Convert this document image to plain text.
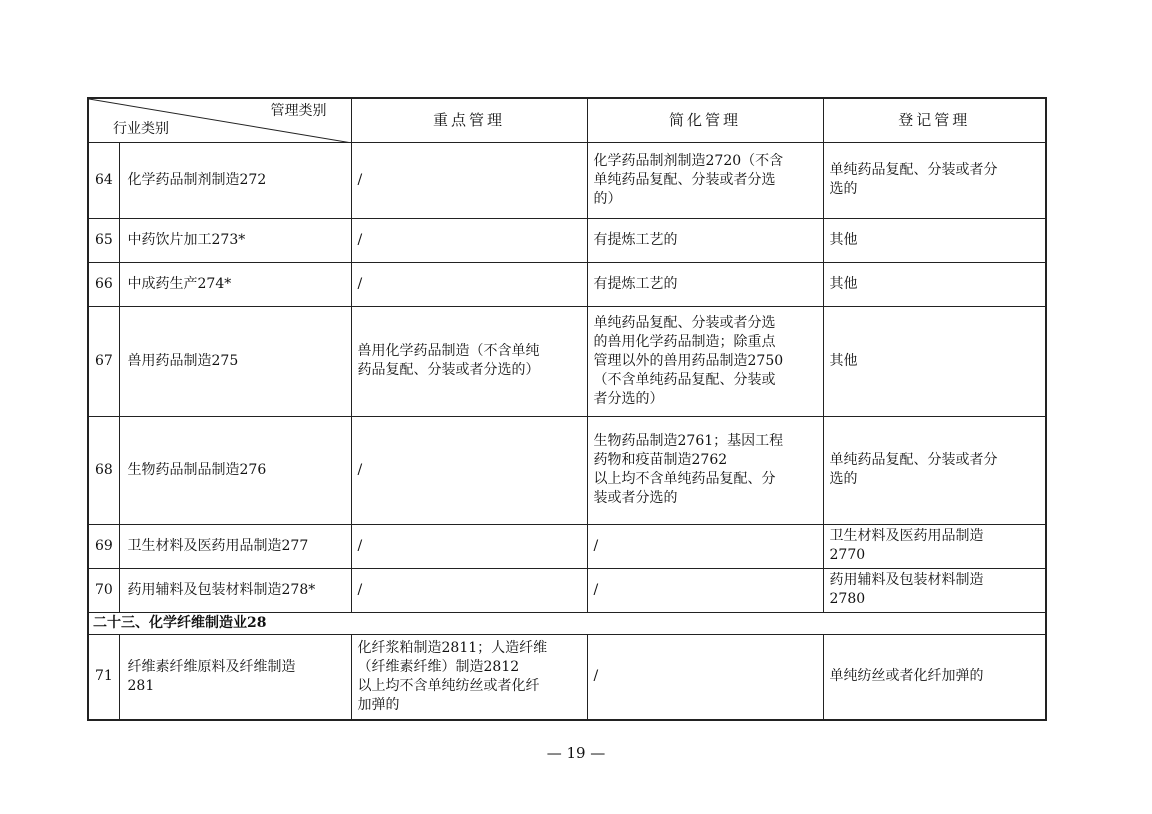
管理类别
行业类别		重点管理	简化管理	登记管理
64	化学药品制剂制造272	/	化学药品制剂制造2720（不含
单纯药品复配、分装或者分选
的）	单纯药品复配、分装或者分
选的

65	中药饮片加工273*	/	有提炼工艺的	其他

66	中成药生产274*	/	有提炼工艺的	其他

67	兽用药品制造275	兽用化学药品制造（不含单纯
药品复配、分装或者分选的）	单纯药品复配、分装或者分选
的兽用化学药品制造；除重点
管理以外的兽用药品制造2750
（不含单纯药品复配、分装或
者分选的）	其他

68	生物药品制品制造276	/	生物药品制造2761；基因工程
药物和疫苗制造2762
以上均不含单纯药品复配、分
装或者分选的	单纯药品复配、分装或者分
选的

69	卫生材料及医药用品制造277	/	/	卫生材料及医药用品制造
2770

70	药用辅料及包装材料制造278*	/	/	药用辅料及包装材料制造
2780

二十三、化学纤维制造业28				
71	纤维素纤维原料及纤维制造
281	化纤浆粕制造2811；人造纤维
（纤维素纤维）制造2812
以上均不含单纯纺丝或者化纤
加弹的	/	单纯纺丝或者化纤加弹的
— 19 —
